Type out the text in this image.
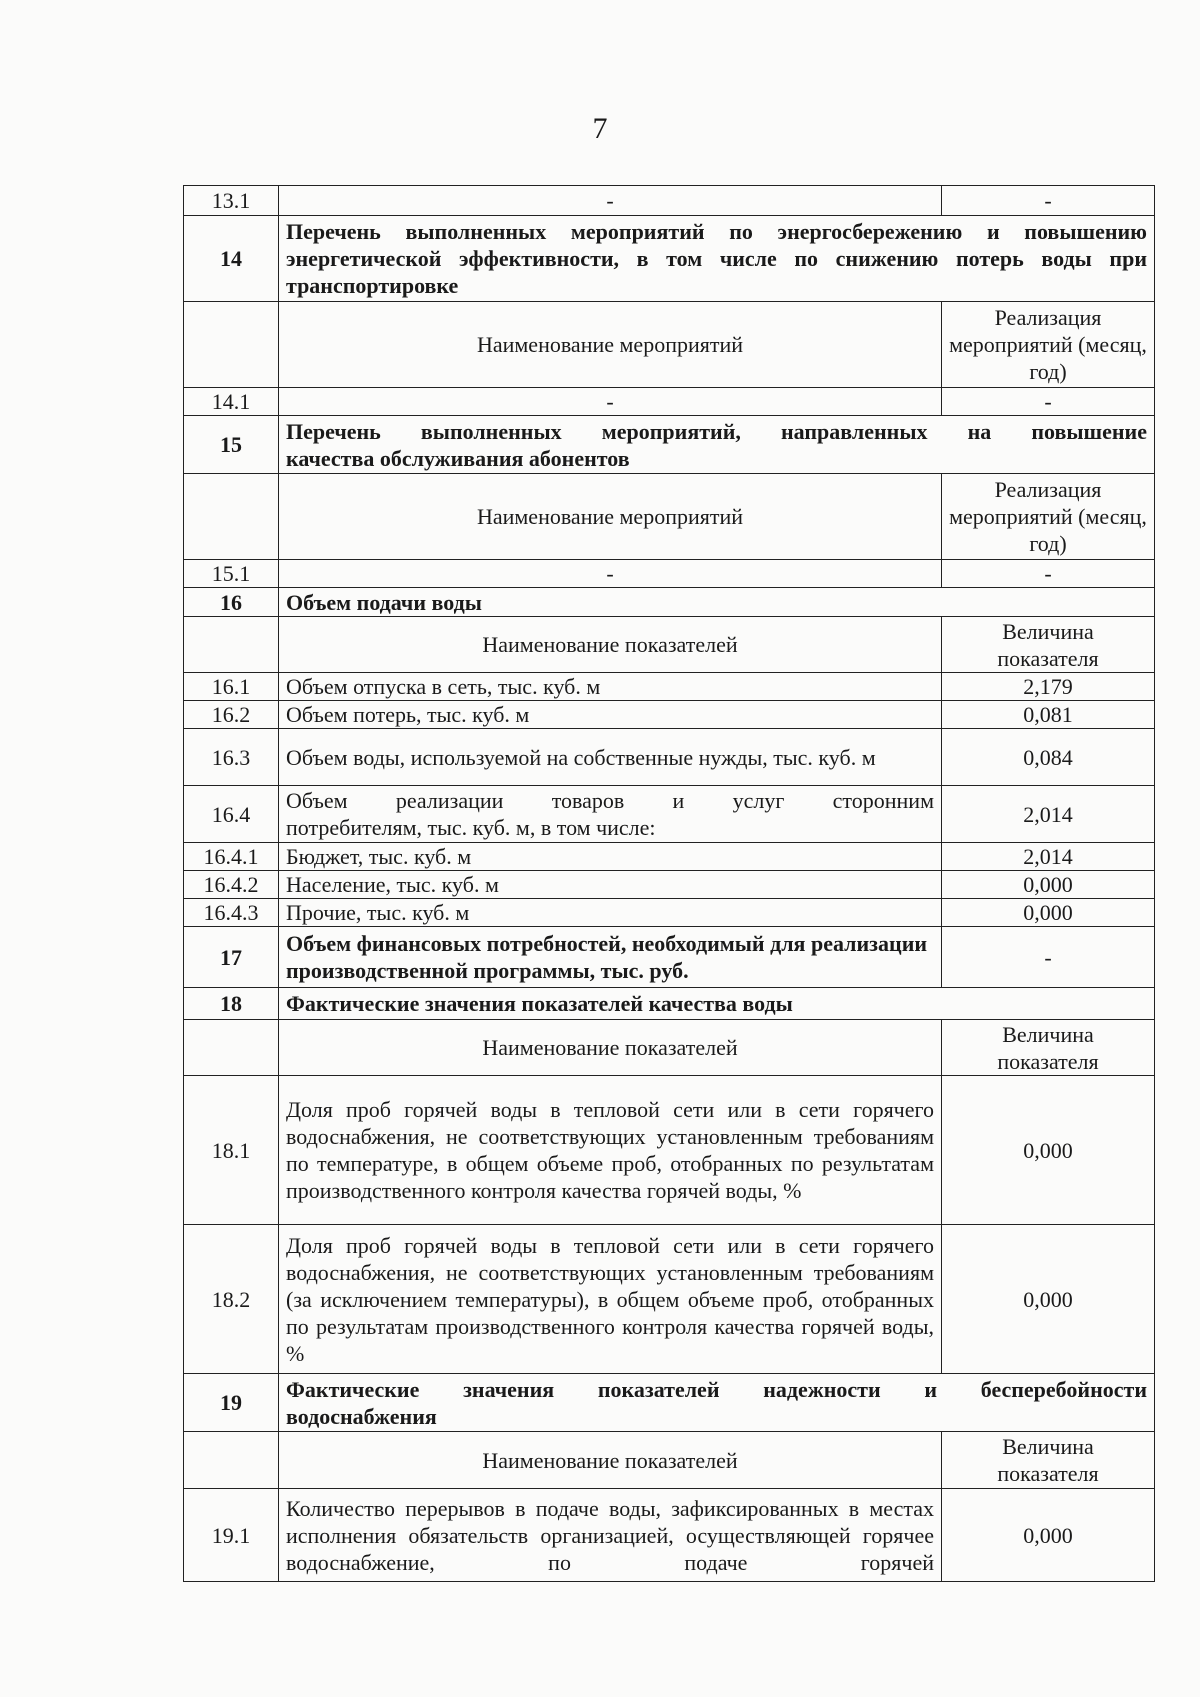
7
13.1	-	-
14	Перечень выполненных мероприятий по энергосбережению и повышению энергетической эффективности, в том числе по снижению потерь воды при транспортировке	
	Наименование мероприятий	Реализация мероприятий (месяц, год)
14.1	-	-
15	Перечень выполненных мероприятий, направленных на повышение
качества обслуживания абонентов	

	Наименование мероприятий	Реализация мероприятий (месяц, год)
15.1	-	-
16	Объем подачи воды	
	Наименование показателей	Величина показателя
16.1	Объем отпуска в сеть, тыс. куб. м	2,179
16.2	Объем потерь, тыс. куб. м	0,081
16.3	Объем воды, используемой на собственные нужды, тыс. куб. м	0,084
16.4	Объем реализации товаров и услуг сторонним
потребителям, тыс. куб. м, в том числе:	2,014
16.4.1	Бюджет, тыс. куб. м	2,014
16.4.2	Население, тыс. куб. м	0,000
16.4.3	Прочие, тыс. куб. м	0,000
17	Объем финансовых потребностей, необходимый для реализации производственной программы, тыс. руб.	-
18	Фактические значения показателей качества воды	
	Наименование показателей	Величина показателя
18.1	Доля проб горячей воды в тепловой сети или в сети горячего водоснабжения, не соответствующих установленным требованиям по температуре, в общем объеме проб, отобранных по результатам производственного контроля качества горячей воды, %	0,000
18.2	Доля проб горячей воды в тепловой сети или в сети горячего водоснабжения, не соответствующих установленным требованиям (за исключением температуры), в общем объеме проб, отобранных по результатам производственного контроля качества горячей воды, %	0,000
19	Фактические значения показателей надежности и бесперебойности
водоснабжения	

	Наименование показателей	Величина показателя
19.1	Количество перерывов в подаче воды, зафиксированных в местах исполнения обязательств организацией, осуществляющей горячее водоснабжение, по подаче горячей	0,000
